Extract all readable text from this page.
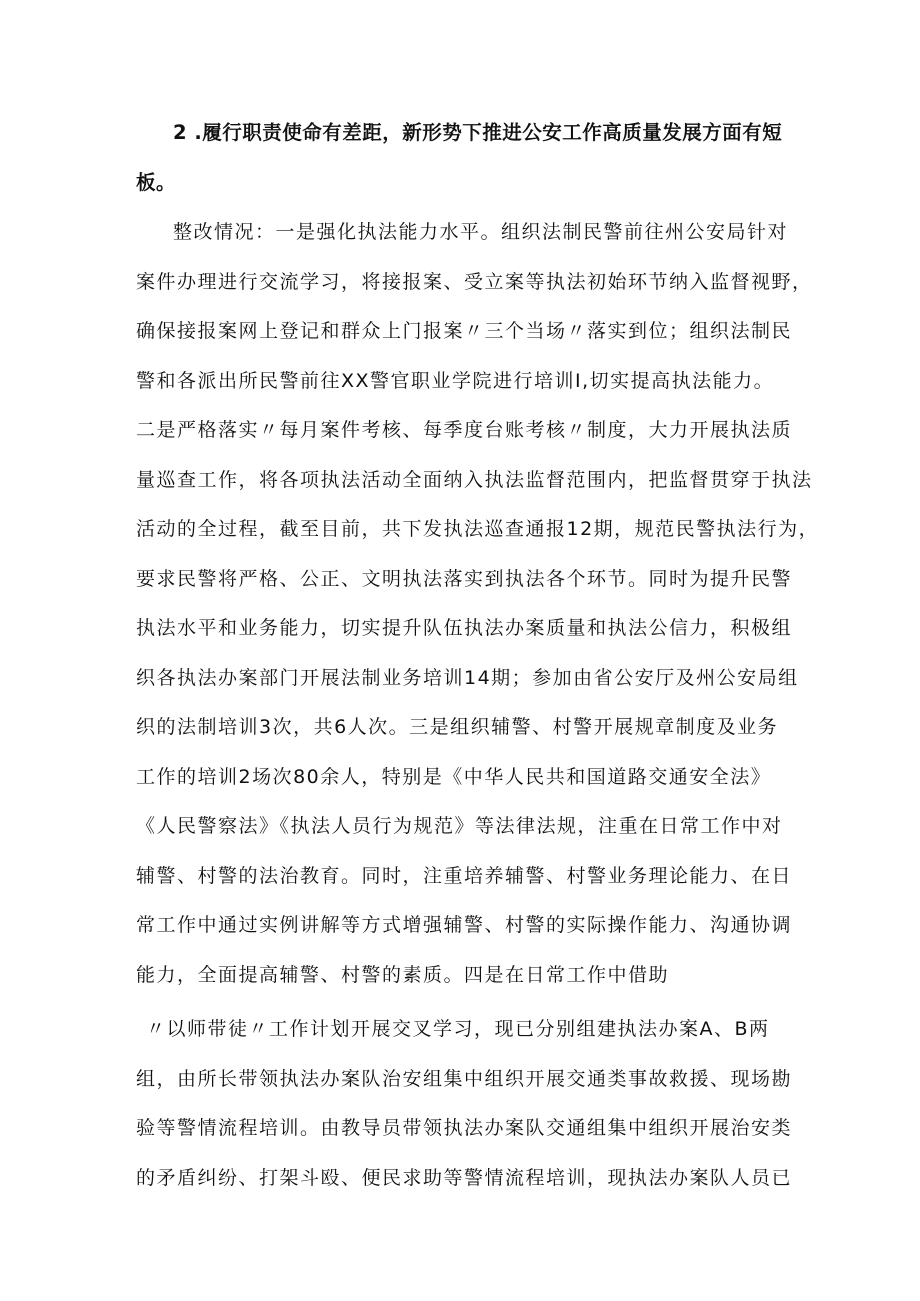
2 .履行职责使命有差距，新形势下推进公安工作高质量发展方面有短
板。
整改情况：一是强化执法能力水平。组织法制民警前往州公安局针对
案件办理进行交流学习，将接报案、受立案等执法初始环节纳入监督视野，
确保接报案网上登记和群众上门报案〃三个当场〃落实到位；组织法制民
警和各派出所民警前往XX警官职业学院进行培训I,切实提高执法能力。
二是严格落实〃每月案件考核、每季度台账考核〃制度，大力开展执法质
量巡查工作，将各项执法活动全面纳入执法监督范围内，把监督贯穿于执法
活动的全过程，截至目前，共下发执法巡查通报12期，规范民警执法行为，
要求民警将严格、公正、文明执法落实到执法各个环节。同时为提升民警
执法水平和业务能力，切实提升队伍执法办案质量和执法公信力，积极组
织各执法办案部门开展法制业务培训14期；参加由省公安厅及州公安局组
织的法制培训3次，共6人次。三是组织辅警、村警开展规章制度及业务
工作的培训2场次80余人，特别是《中华人民共和国道路交通安全法》
《人民警察法》《执法人员行为规范》等法律法规，注重在日常工作中对
辅警、村警的法治教育。同时，注重培养辅警、村警业务理论能力、在日
常工作中通过实例讲解等方式增强辅警、村警的实际操作能力、沟通协调
能力，全面提高辅警、村警的素质。四是在日常工作中借助
〃以师带徒〃工作计划开展交叉学习，现已分别组建执法办案A、B两
组，由所长带领执法办案队治安组集中组织开展交通类事故救援、现场勘
验等警情流程培训。由教导员带领执法办案队交通组集中组织开展治安类
的矛盾纠纷、打架斗殴、便民求助等警情流程培训，现执法办案队人员已
